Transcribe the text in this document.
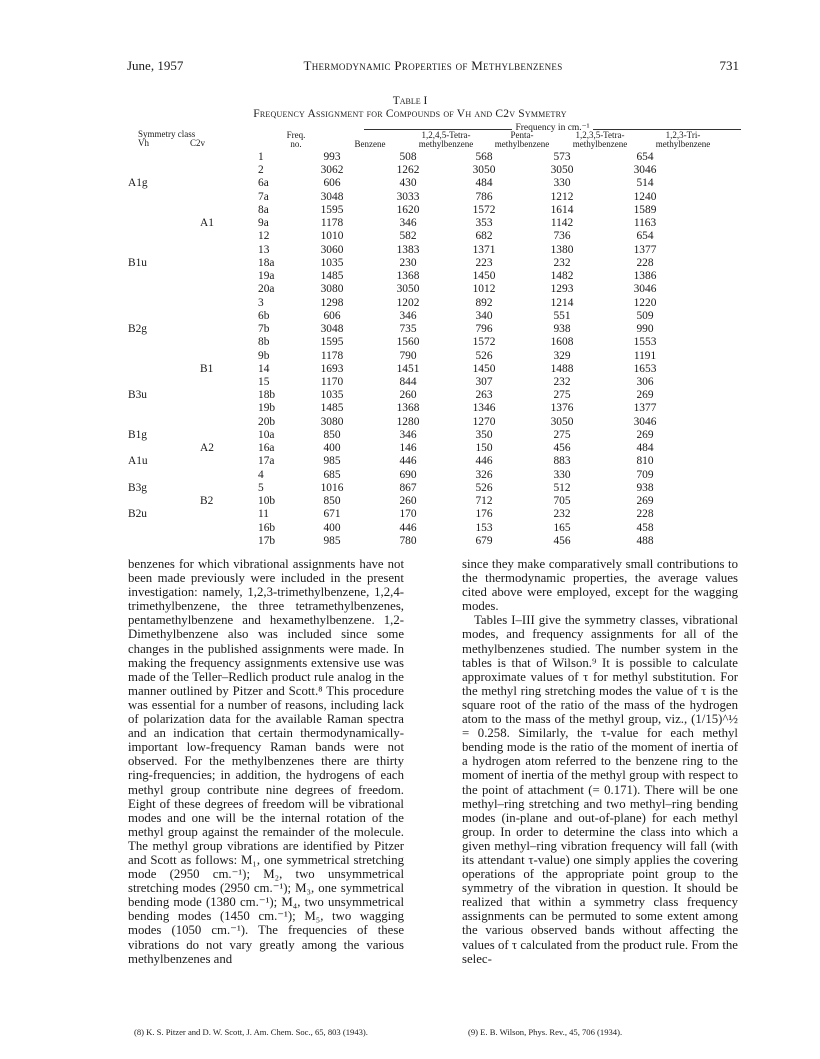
June, 1957	Thermodynamic Properties of Methylbenzenes	731
Table I
Frequency Assignment for Compounds of Vh and C2v Symmetry
Frequency in cm.⁻¹
Symmetry class
Vh	C2v
Freq.
no.	Benzene
1,2,4,5-Tetra-
methylbenzene
Penta-
methylbenzene
1,2,3,5-Tetra-
methylbenzene
1,2,3-Tri-
methylbenzene
		1	993	508	568	573	654
		2	3062	1262	3050	3050	3046
A1g		6a	606	430	484	330	514
		7a	3048	3033	786	1212	1240
		8a	1595	1620	1572	1614	1589
	A1	9a	1178	346	353	1142	1163
		12	1010	582	682	736	654
		13	3060	1383	1371	1380	1377
B1u		18a	1035	230	223	232	228
		19a	1485	1368	1450	1482	1386
		20a	3080	3050	1012	1293	3046
		3	1298	1202	892	1214	1220
		6b	606	346	340	551	509
B2g		7b	3048	735	796	938	990
		8b	1595	1560	1572	1608	1553
		9b	1178	790	526	329	1191
	B1	14	1693	1451	1450	1488	1653
		15	1170	844	307	232	306
B3u		18b	1035	260	263	275	269
		19b	1485	1368	1346	1376	1377
		20b	3080	1280	1270	3050	3046
B1g		10a	850	346	350	275	269
	A2	16a	400	146	150	456	484
A1u		17a	985	446	446	883	810
		4	685	690	326	330	709
B3g		5	1016	867	526	512	938
	B2	10b	850	260	712	705	269
B2u		11	671	170	176	232	228
		16b	400	446	153	165	458
		17b	985	780	679	456	488

benzenes for which vibrational assignments have not been made previously were included in the present investigation: namely, 1,2,3-trimethylbenzene, 1,2,4-trimethylbenzene, the three tetramethylbenzenes, pentamethylbenzene and hexamethylbenzene. 1,2-Dimethylbenzene also was included since some changes in the published assignments were made. In making the frequency assignments extensive use was made of the Teller–Redlich product rule analog in the manner outlined by Pitzer and Scott.⁸ This procedure was essential for a number of reasons, including lack of polarization data for the available Raman spectra and an indication that certain thermodynamically-important low-frequency Raman bands were not observed. For the methylbenzenes there are thirty ring-frequencies; in addition, the hydrogens of each methyl group contribute nine degrees of freedom. Eight of these degrees of freedom will be vibrational modes and one will be the internal rotation of the methyl group against the remainder of the molecule. The methyl group vibrations are identified by Pitzer and Scott as follows: M₁, one symmetrical stretching mode (2950 cm.⁻¹); M₂, two unsymmetrical stretching modes (2950 cm.⁻¹); M₃, one symmetrical bending mode (1380 cm.⁻¹); M₄, two unsymmetrical bending modes (1450 cm.⁻¹); M₅, two wagging modes (1050 cm.⁻¹). The frequencies of these vibrations do not vary greatly among the various methylbenzenes and

since they make comparatively small contributions to the thermodynamic properties, the average values cited above were employed, except for the wagging modes.

Tables I–III give the symmetry classes, vibrational modes, and frequency assignments for all of the methylbenzenes studied. The number system in the tables is that of Wilson.⁹ It is possible to calculate approximate values of τ for methyl substitution. For the methyl ring stretching modes the value of τ is the square root of the ratio of the mass of the hydrogen atom to the mass of the methyl group, viz., (1/15)^½ = 0.258. Similarly, the τ-value for each methyl bending mode is the ratio of the moment of inertia of a hydrogen atom referred to the benzene ring to the moment of inertia of the methyl group with respect to the point of attachment (= 0.171). There will be one methyl–ring stretching and two methyl–ring bending modes (in-plane and out-of-plane) for each methyl group. In order to determine the class into which a given methyl–ring vibration frequency will fall (with its attendant τ-value) one simply applies the covering operations of the appropriate point group to the symmetry of the vibration in question. It should be realized that within a symmetry class frequency assignments can be permuted to some extent among the various observed bands without affecting the values of τ calculated from the product rule. From the selec-

(8) K. S. Pitzer and D. W. Scott, J. Am. Chem. Soc., 65, 803 (1943).	(9) E. B. Wilson, Phys. Rev., 45, 706 (1934).
